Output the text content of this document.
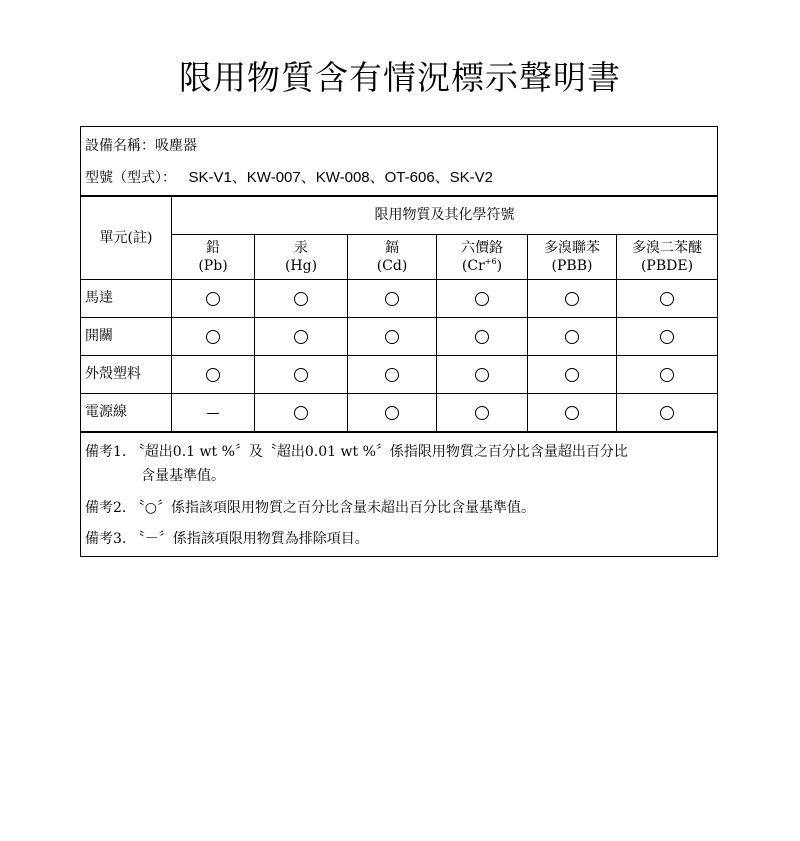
限用物質含有情況標示聲明書
設備名稱：吸塵器
型號（型式）： SK-V1、KW-007、KW-008、OT-606、SK-V2
單元(註)
限用物質及其化學符號
鉛
(Pb)
汞
(Hg)
鎘
(Cd)
六價鉻
$(Cr^{+6})$
多溴聯苯
(PBB)
多溴二苯醚
(PBDE)
馬達
開關
外殼塑料
電源線
備考1. 〝超出0.1 wt %〞及〝超出0.01 wt %〞係指限用物質之百分比含量超出百分比
含量基準值。
備考2. 〝○〞係指該項限用物質之百分比含量未超出百分比含量基準值。
備考3. 〝－〞係指該項限用物質為排除項目。
